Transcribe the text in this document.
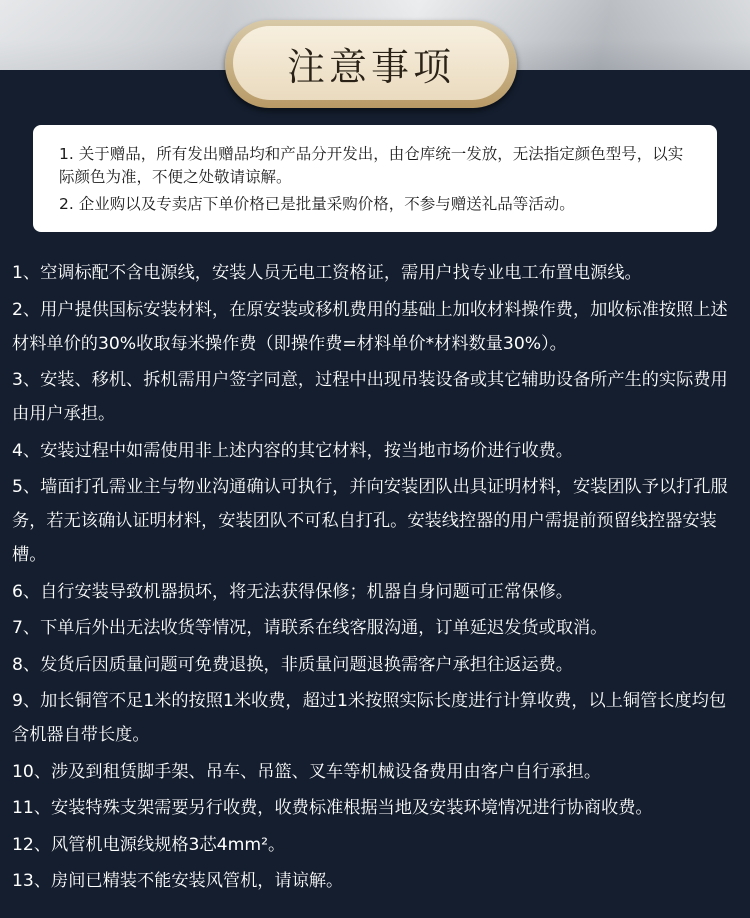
注意事项

1. 关于赠品，所有发出赠品均和产品分开发出，由仓库统一发放，无法指定颜色型号，以实际颜色为准，不便之处敬请谅解。

2. 企业购以及专卖店下单价格已是批量采购价格，不参与赠送礼品等活动。

1、空调标配不含电源线，安装人员无电工资格证，需用户找专业电工布置电源线。

2、用户提供国标安装材料，在原安装或移机费用的基础上加收材料操作费，加收标准按照上述材料单价的30%收取每米操作费（即操作费=材料单价*材料数量30%）。

3、安装、移机、拆机需用户签字同意，过程中出现吊装设备或其它辅助设备所产生的实际费用由用户承担。

4、安装过程中如需使用非上述内容的其它材料，按当地市场价进行收费。

5、墙面打孔需业主与物业沟通确认可执行，并向安装团队出具证明材料，安装团队予以打孔服务，若无该确认证明材料，安装团队不可私自打孔。安装线控器的用户需提前预留线控器安装槽。

6、自行安装导致机器损坏，将无法获得保修；机器自身问题可正常保修。

7、下单后外出无法收货等情况，请联系在线客服沟通，订单延迟发货或取消。

8、发货后因质量问题可免费退换，非质量问题退换需客户承担往返运费。

9、加长铜管不足1米的按照1米收费，超过1米按照实际长度进行计算收费，以上铜管长度均包含机器自带长度。

10、涉及到租赁脚手架、吊车、吊篮、叉车等机械设备费用由客户自行承担。

11、安装特殊支架需要另行收费，收费标准根据当地及安装环境情况进行协商收费。

12、风管机电源线规格3芯4mm²。

13、房间已精装不能安装风管机，请谅解。
